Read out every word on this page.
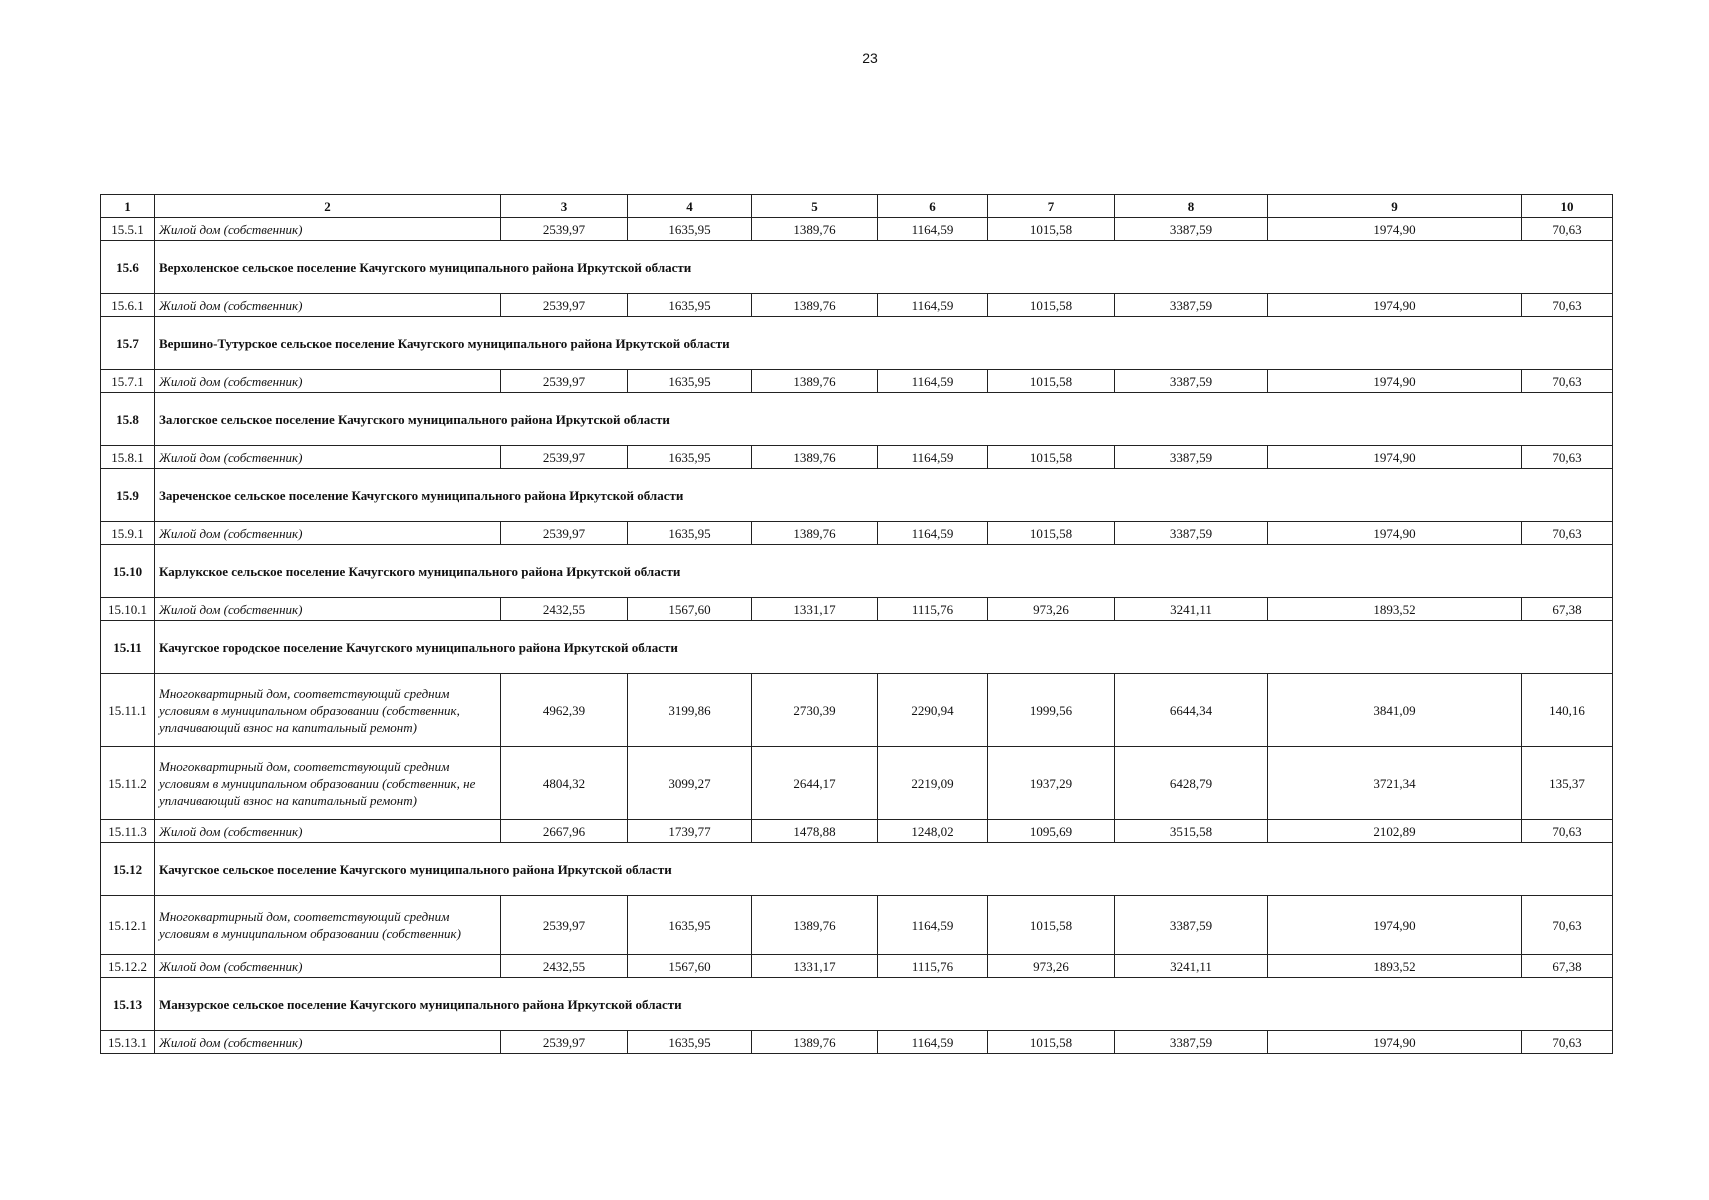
23
1	2	3	4	5	6	7	8	9	10
15.5.1	Жилой дом (собственник)	2539,97	1635,95	1389,76	1164,59	1015,58	3387,59	1974,90	70,63
15.6	Верхоленское сельское поселение Качугского муниципального района Иркутской области								
15.6.1	Жилой дом (собственник)	2539,97	1635,95	1389,76	1164,59	1015,58	3387,59	1974,90	70,63
15.7	Вершино-Тутурское сельское поселение Качугского муниципального района Иркутской области								
15.7.1	Жилой дом (собственник)	2539,97	1635,95	1389,76	1164,59	1015,58	3387,59	1974,90	70,63
15.8	Залогское сельское поселение Качугского муниципального района Иркутской области								
15.8.1	Жилой дом (собственник)	2539,97	1635,95	1389,76	1164,59	1015,58	3387,59	1974,90	70,63
15.9	Зареченское сельское поселение Качугского муниципального района Иркутской области								
15.9.1	Жилой дом (собственник)	2539,97	1635,95	1389,76	1164,59	1015,58	3387,59	1974,90	70,63
15.10	Карлукское сельское поселение Качугского муниципального района Иркутской области								
15.10.1	Жилой дом (собственник)	2432,55	1567,60	1331,17	1115,76	973,26	3241,11	1893,52	67,38
15.11	Качугское городское поселение Качугского муниципального района Иркутской области								
15.11.1	Многоквартирный дом, соответствующий средним условиям в муниципальном образовании (собственник, уплачивающий взнос на капитальный ремонт)	4962,39	3199,86	2730,39	2290,94	1999,56	6644,34	3841,09	140,16
15.11.2	Многоквартирный дом, соответствующий средним условиям в муниципальном образовании (собственник, не уплачивающий взнос на капитальный ремонт)	4804,32	3099,27	2644,17	2219,09	1937,29	6428,79	3721,34	135,37
15.11.3	Жилой дом (собственник)	2667,96	1739,77	1478,88	1248,02	1095,69	3515,58	2102,89	70,63
15.12	Качугское сельское поселение Качугского муниципального района Иркутской области								
15.12.1	Многоквартирный дом, соответствующий средним условиям в муниципальном образовании (собственник)	2539,97	1635,95	1389,76	1164,59	1015,58	3387,59	1974,90	70,63
15.12.2	Жилой дом (собственник)	2432,55	1567,60	1331,17	1115,76	973,26	3241,11	1893,52	67,38
15.13	Манзурское сельское поселение Качугского муниципального района Иркутской области								
15.13.1	Жилой дом (собственник)	2539,97	1635,95	1389,76	1164,59	1015,58	3387,59	1974,90	70,63
